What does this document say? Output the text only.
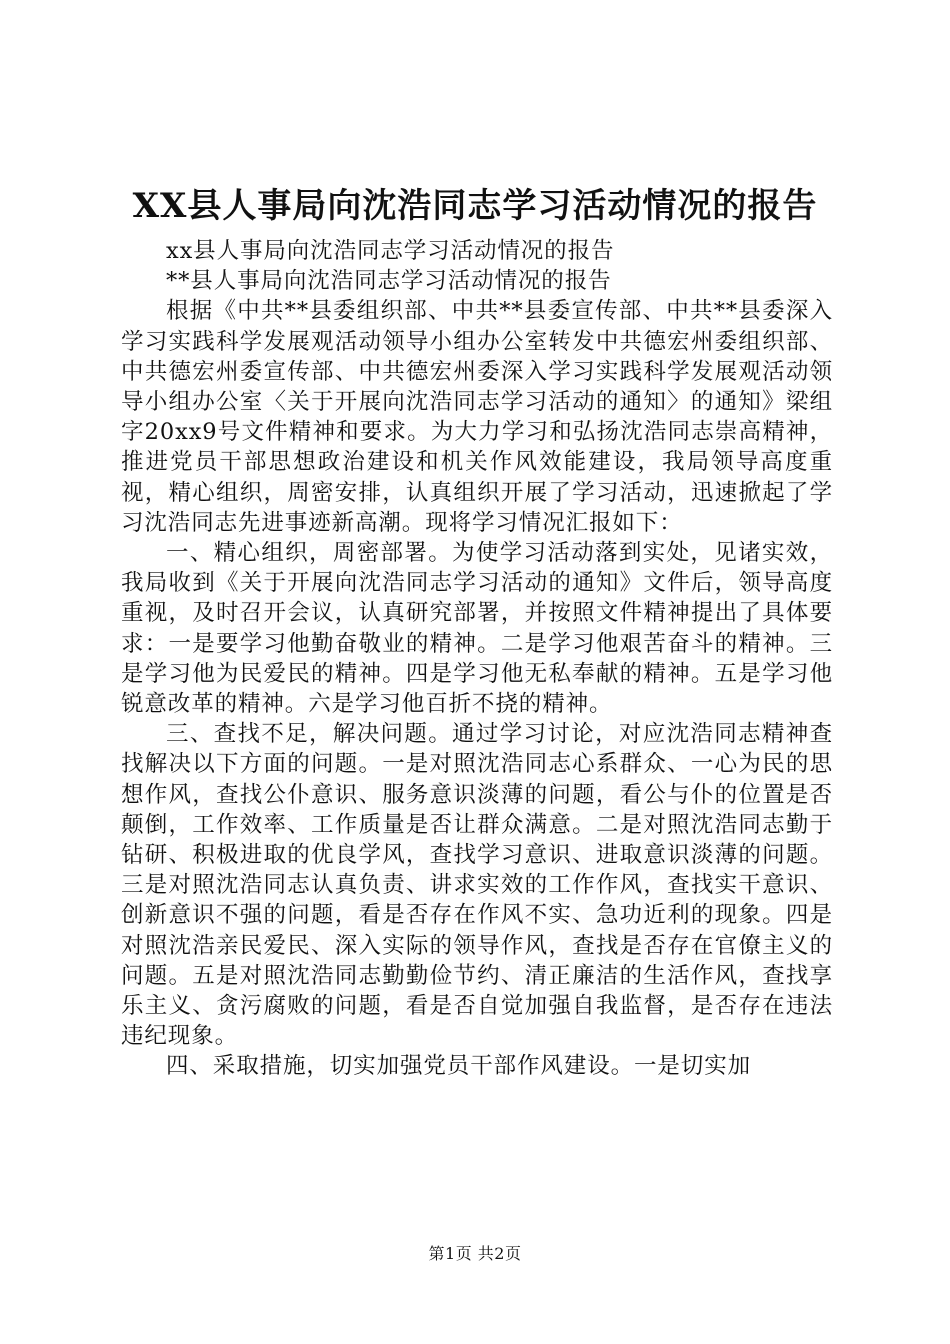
XX县人事局向沈浩同志学习活动情况的报告

xx县人事局向沈浩同志学习活动情况的报告

**县人事局向沈浩同志学习活动情况的报告

根据《中共**县委组织部、中共**县委宣传部、中共**县委深入学习实践科学发展观活动领导小组办公室转发中共德宏州委组织部、中共德宏州委宣传部、中共德宏州委深入学习实践科学发展观活动领导小组办公室〈关于开展向沈浩同志学习活动的通知〉的通知》梁组字20xx9号文件精神和要求。为大力学习和弘扬沈浩同志崇高精神，推进党员干部思想政治建设和机关作风效能建设，我局领导高度重视，精心组织，周密安排，认真组织开展了学习活动，迅速掀起了学习沈浩同志先进事迹新高潮。现将学习情况汇报如下：

一、精心组织，周密部署。为使学习活动落到实处，见诸实效，我局收到《关于开展向沈浩同志学习活动的通知》文件后，领导高度重视，及时召开会议，认真研究部署，并按照文件精神提出了具体要求：一是要学习他勤奋敬业的精神。二是学习他艰苦奋斗的精神。三是学习他为民爱民的精神。四是学习他无私奉献的精神。五是学习他锐意改革的精神。六是学习他百折不挠的精神。

三、查找不足，解决问题。通过学习讨论，对应沈浩同志精神查找解决以下方面的问题。一是对照沈浩同志心系群众、一心为民的思想作风，查找公仆意识、服务意识淡薄的问题，看公与仆的位置是否颠倒，工作效率、工作质量是否让群众满意。二是对照沈浩同志勤于钻研、积极进取的优良学风，查找学习意识、进取意识淡薄的问题。三是对照沈浩同志认真负责、讲求实效的工作作风，查找实干意识、创新意识不强的问题，看是否存在作风不实、急功近利的现象。四是对照沈浩亲民爱民、深入实际的领导作风，查找是否存在官僚主义的问题。五是对照沈浩同志勤勤俭节约、清正廉洁的生活作风，查找享乐主义、贪污腐败的问题，看是否自觉加强自我监督，是否存在违法违纪现象。

四、采取措施，切实加强党员干部作风建设。一是切实加

第1页 共2页
